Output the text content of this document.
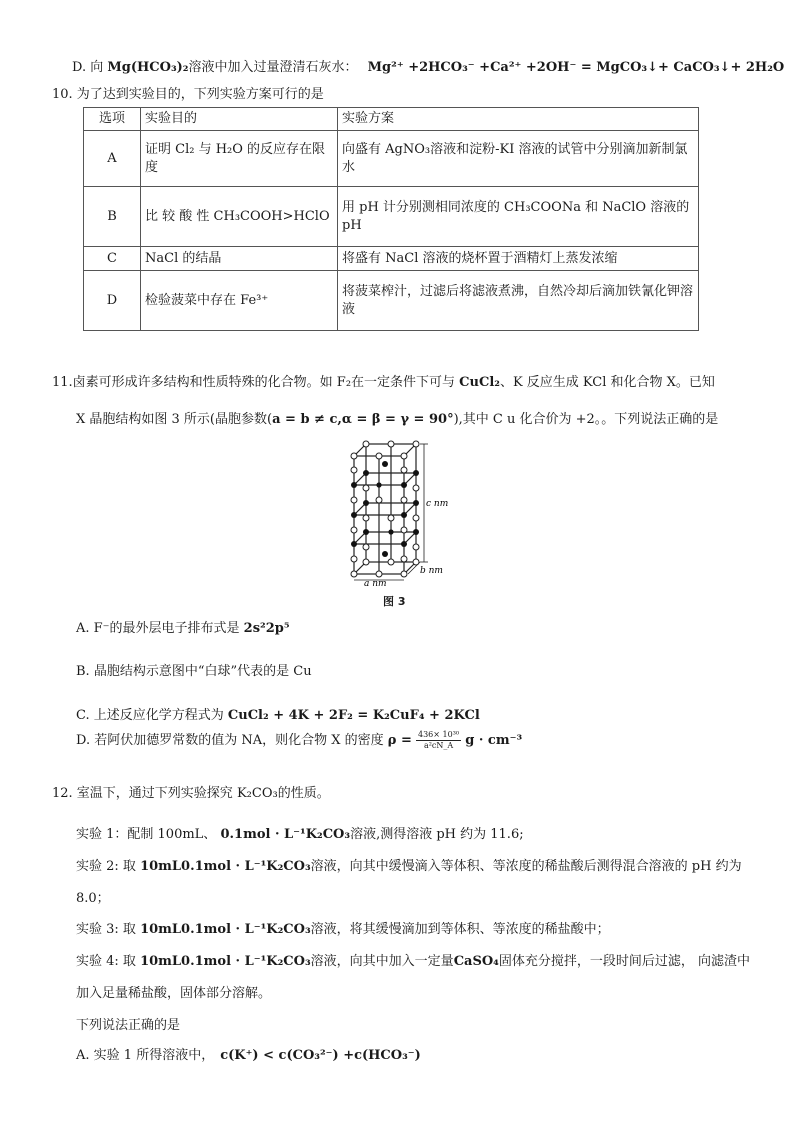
D. 向 Mg(HCO₃)₂溶液中加入过量澄清石灰水： Mg²⁺ +2HCO₃⁻ +Ca²⁺ +2OH⁻ = MgCO₃↓+ CaCO₃↓+ 2H₂O
10. 为了达到实验目的，下列实验方案可行的是
选项	实验目的	实验方案
A	证明 Cl₂ 与 H₂O 的反应存在限度	向盛有 AgNO₃溶液和淀粉-KI 溶液的试管中分别滴加新制氯水
B	比 较 酸 性 CH₃COOH>HClO	用 pH 计分别测相同浓度的 CH₃COONa 和 NaClO 溶液的 pH
C	NaCl 的结晶	将盛有 NaCl 溶液的烧杯置于酒精灯上蒸发浓缩
D	检验菠菜中存在 Fe³⁺	将菠菜榨汁，过滤后将滤液煮沸，自然冷却后滴加铁氰化钾溶液
11.卤素可形成许多结构和性质特殊的化合物。如 F₂在一定条件下可与 CuCl₂、K 反应生成 KCl 和化合物 X。已知
X 晶胞结构如图 3 所示(晶胞参数(a = b ≠ c,α = β = γ = 90°),其中 C u 化合价为 +2。。下列说法正确的是
c nm
b nm
a nm
图 3
A. F⁻的最外层电子排布式是 2s²2p⁵
B. 晶胞结构示意图中“白球”代表的是 Cu
C. 上述反应化学方程式为 CuCl₂ + 4K + 2F₂ = K₂CuF₄ + 2KCl
D. 若阿伏加德罗常数的值为 NA，则化合物 X 的密度 $\rho = \frac{\text{436× 10³⁰}}{\text{a²cN\_A}}$ g · cm⁻³
12. 室温下，通过下列实验探究 K₂CO₃的性质。
实验 1：配制 100mL、 0.1mol · L⁻¹K₂CO₃溶液,测得溶液 pH 约为 11.6;
实验 2: 取 10mL0.1mol · L⁻¹K₂CO₃溶液，向其中缓慢滴入等体积、等浓度的稀盐酸后测得混合溶液的 pH 约为
8.0；
实验 3: 取 10mL0.1mol · L⁻¹K₂CO₃溶液，将其缓慢滴加到等体积、等浓度的稀盐酸中；
实验 4: 取 10mL0.1mol · L⁻¹K₂CO₃溶液，向其中加入一定量CaSO₄固体充分搅拌，一段时间后过滤， 向滤渣中
加入足量稀盐酸，固体部分溶解。
下列说法正确的是
A. 实验 1 所得溶液中， c(K⁺) < c(CO₃²⁻) +c(HCO₃⁻)
